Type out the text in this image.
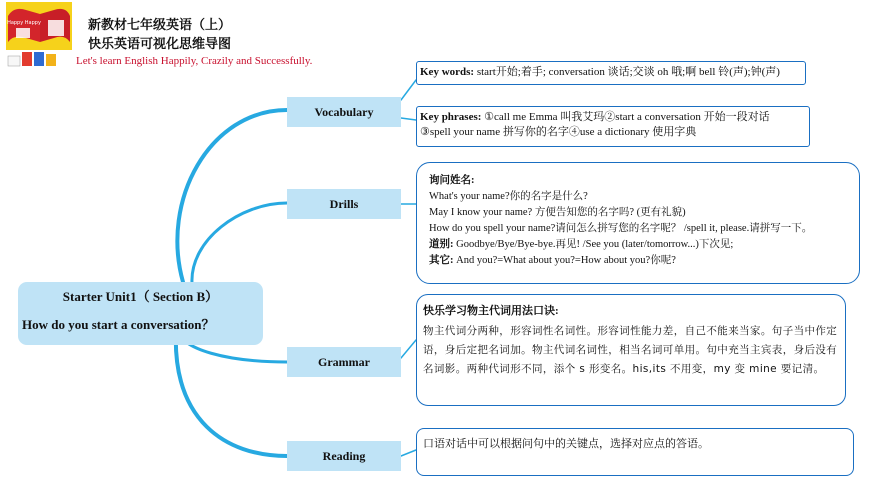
Happy Happy	新教材七年级英语（上）
快乐英语可视化思维导图
Let's learn English Happily, Crazily and Successfully.
Starter Unit1（ Section B）
How do you start a conversation？
Vocabulary
Drills
Grammar
Reading
Key words: start开始;着手; conversation 谈话;交谈 oh 哦;啊 bell 铃(声);钟(声)
Key phrases: ①call me Emma 叫我艾玛②start a conversation 开始一段对话
③spell your name 拼写你的名字④use a dictionary 使用字典
询问姓名:
What's your name?你的名字是什么?
May I know your name? 方便告知您的名字吗? (更有礼貌)
How do you spell your name?请问怎么拼写您的名字呢？ /spell it, please.请拼写一下。
道别: Goodbye/Bye/Bye-bye.再见! /See you (later/tomorrow...)下次见;
其它: And you?=What about you?=How about you?你呢?
快乐学习物主代词用法口诀:
物主代词分两种，形容词性名词性。形容词性能力差，自己不能来当家。句子当中作定语，身后定把名词加。物主代词名词性，相当名词可单用。句中充当主宾表，身后没有名词影。两种代词形不同，添个 s 形变名。his,its 不用变，my 变 mine 要记清。
口语对话中可以根据问句中的关键点，选择对应点的答语。
